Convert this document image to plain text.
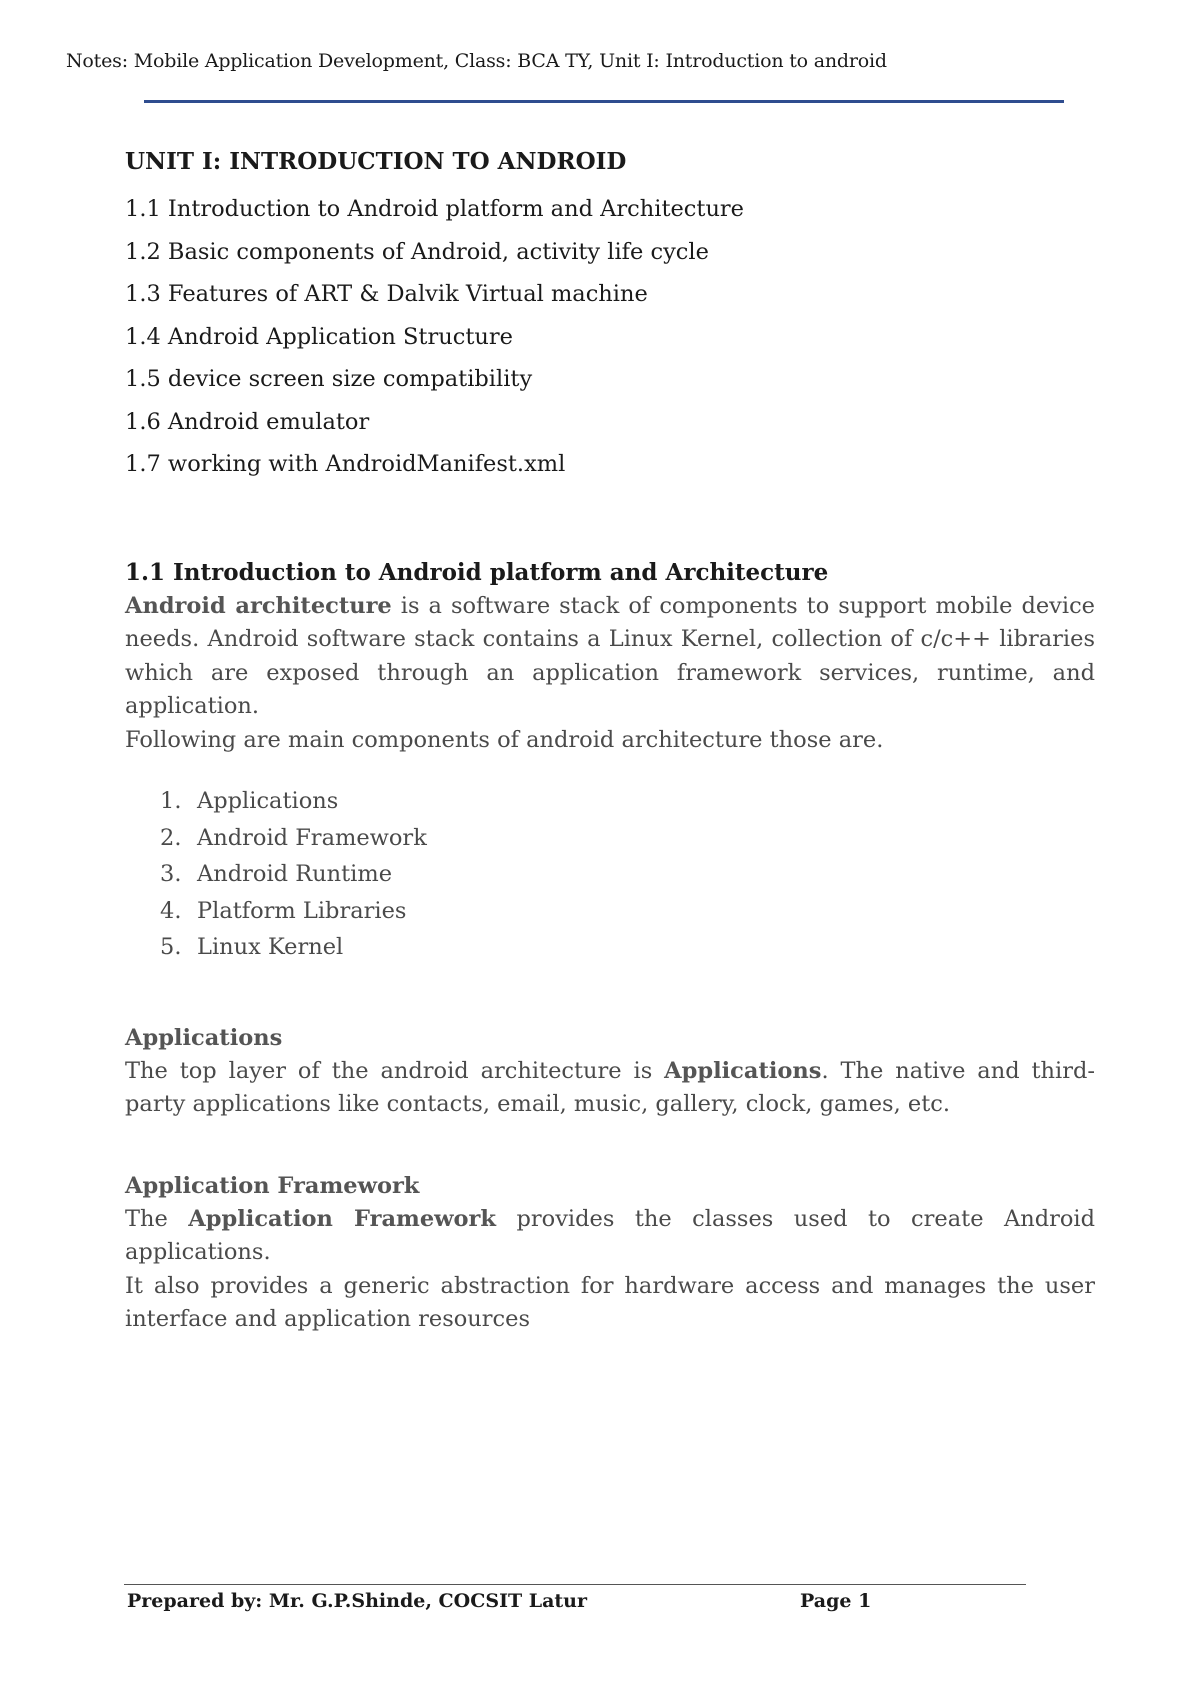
Notes: Mobile Application Development, Class: BCA TY, Unit I: Introduction to android
UNIT I: INTRODUCTION TO ANDROID
1.1 Introduction to Android platform and Architecture
1.2 Basic components of Android, activity life cycle
1.3 Features of ART & Dalvik Virtual machine
1.4 Android Application Structure
1.5 device screen size compatibility
1.6 Android emulator
1.7 working with AndroidManifest.xml
1.1 Introduction to Android platform and Architecture

Android architecture is a software stack of components to support mobile device needs. Android software stack contains a Linux Kernel, collection of c/c++ libraries which are exposed through an application framework services, runtime, and application.

Following are main components of android architecture those are.

1. Applications
2. Android Framework
3. Android Runtime
4. Platform Libraries
5. Linux Kernel
Applications

The top layer of the android architecture is Applications. The native and third-party applications like contacts, email, music, gallery, clock, games, etc.

Application Framework

The Application Framework provides the classes used to create Android applications.

It also provides a generic abstraction for hardware access and manages the user interface and application resources

Prepared by: Mr. G.P.Shinde, COCSIT Latur	Page 1
